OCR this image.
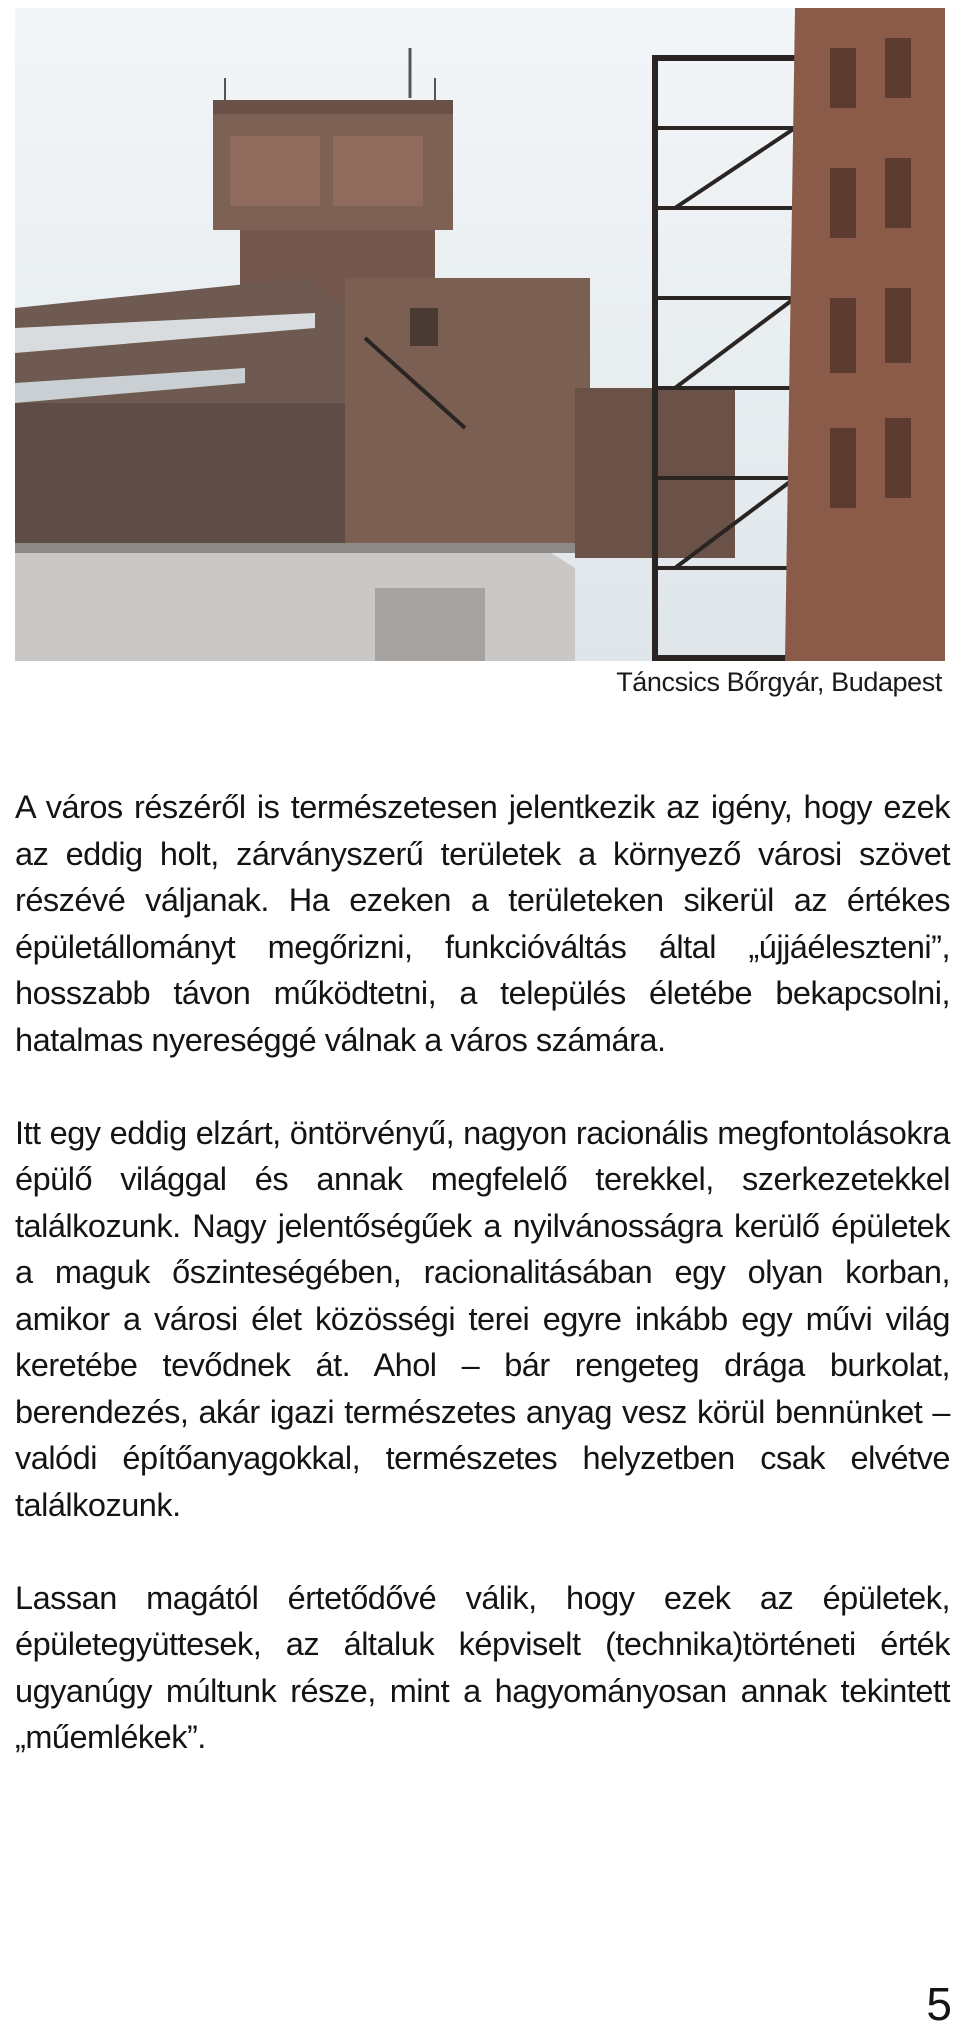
Táncsics Bőrgyár, Budapest

A város részéről is természetesen jelentkezik az igény, hogy ezek az eddig holt, zárványszerű területek a környező városi szövet részévé váljanak. Ha ezeken a területeken sikerül az értékes épületállományt megőrizni, funkcióváltás által „újjáéleszteni”, hosszabb távon működtetni, a település életébe bekapcsolni, hatalmas nyereséggé válnak a város számára.

Itt egy eddig elzárt, öntörvényű, nagyon racionális megfontolásokra épülő világgal és annak megfelelő terekkel, szerkezetekkel találkozunk. Nagy jelentőségűek a nyilvánosságra kerülő épületek a maguk őszinteségében, racionalitásában egy olyan korban, amikor a városi élet közösségi terei egyre inkább egy művi világ keretébe tevődnek át. Ahol – bár rengeteg drága burkolat, berendezés, akár igazi természetes anyag vesz körül bennünket – valódi építőanyagokkal, természetes helyzetben csak elvétve találkozunk.

Lassan magától értetődővé válik, hogy ezek az épületek, épületegyüttesek, az általuk képviselt (technika)történeti érték ugyanúgy múltunk része, mint a hagyományosan annak tekintett „műemlékek”.

5
